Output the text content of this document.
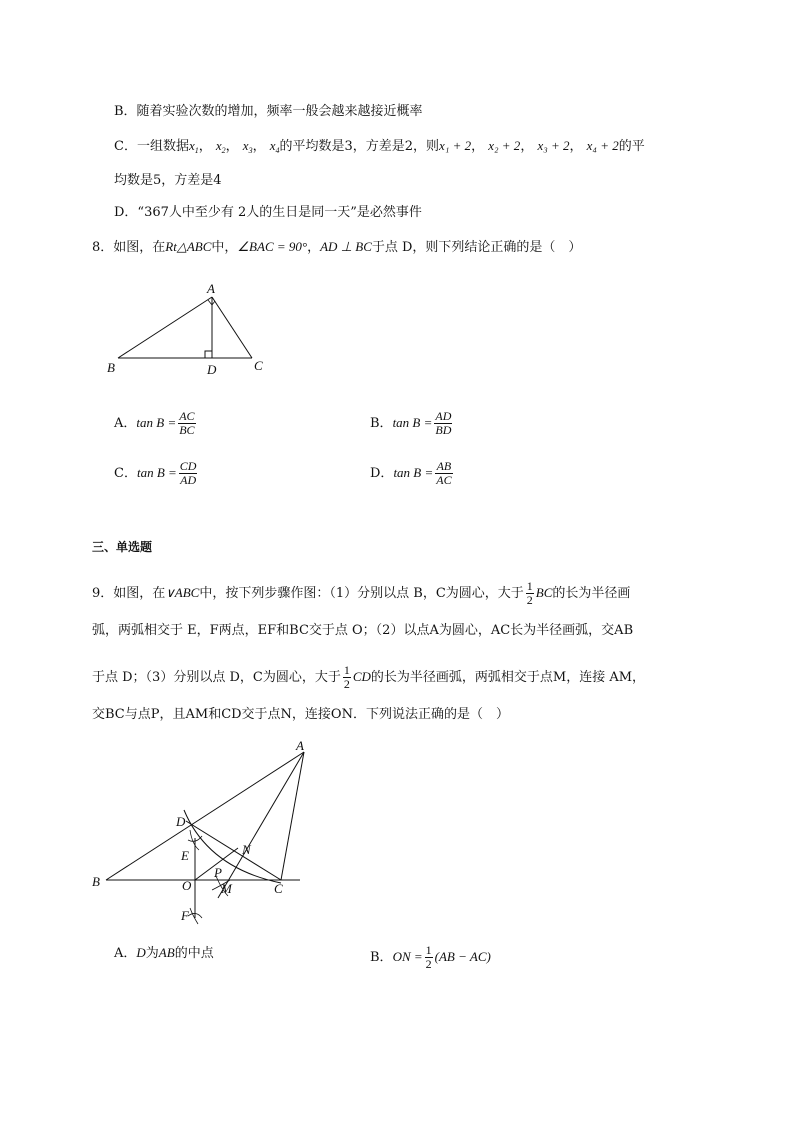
B．随着实验次数的增加，频率一般会越来越接近概率
C．一组数据$x_1$， $x_2$， $x_3$， $x_4$的平均数是3，方差是2，则x₁ + 2， x₂ + 2， x₃ + 2， x₄ + 2的平
均数是5，方差是4
D．“367人中至少有 2人的生日是同一天”是必然事件
8．如图，在Rt△ABC中，∠BAC = 90°，AD ⊥ BC于点 D，则下列结论正确的是（　）
A
B	C
D
A．$\tan B = \frac{AC}{BC}$	B．$\tan B = \frac{AD}{BD}$
C．$\tan B = \frac{CD}{AD}$	D．$\tan B = \frac{AB}{AC}$
三、单选题
9．如图，在∨ABC中，按下列步骤作图：（1）分别以点 B，C为圆心，大于 $\frac{1}{2}$ BC的长为半径画
弧，两弧相交于 E，F两点，EF和BC交于点 O；（2）以点A为圆心，AC长为半径画弧，交AB
于点 D；（3）分别以点 D，C为圆心，大于 $\frac{1}{2}$ CD的长为半径画弧，两弧相交于点M，连接 AM，
交BC与点P，且AM和CD交于点N，连接ON．下列说法正确的是（　）
A
B	C
D
E
F
O
N
P
M
A．D为AB的中点	B．ON = $\frac{1}{2} (AB - AC)$
